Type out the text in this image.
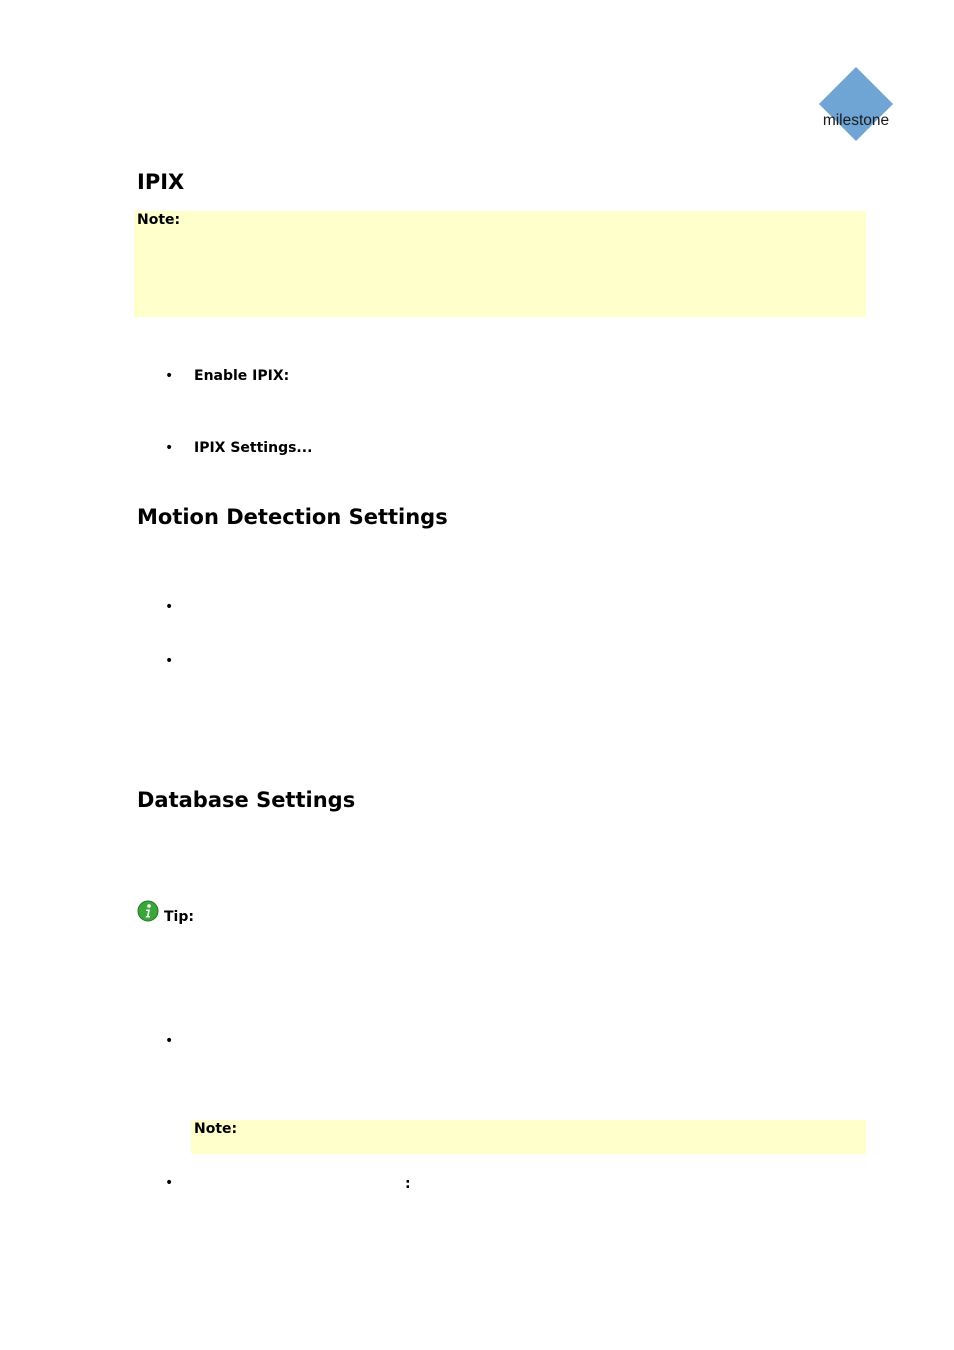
milestone
IPIX
Note:
• Enable IPIX:
• IPIX Settings...
Motion Detection Settings
•
•
Database Settings
Tip:
•
Note:
•	:
